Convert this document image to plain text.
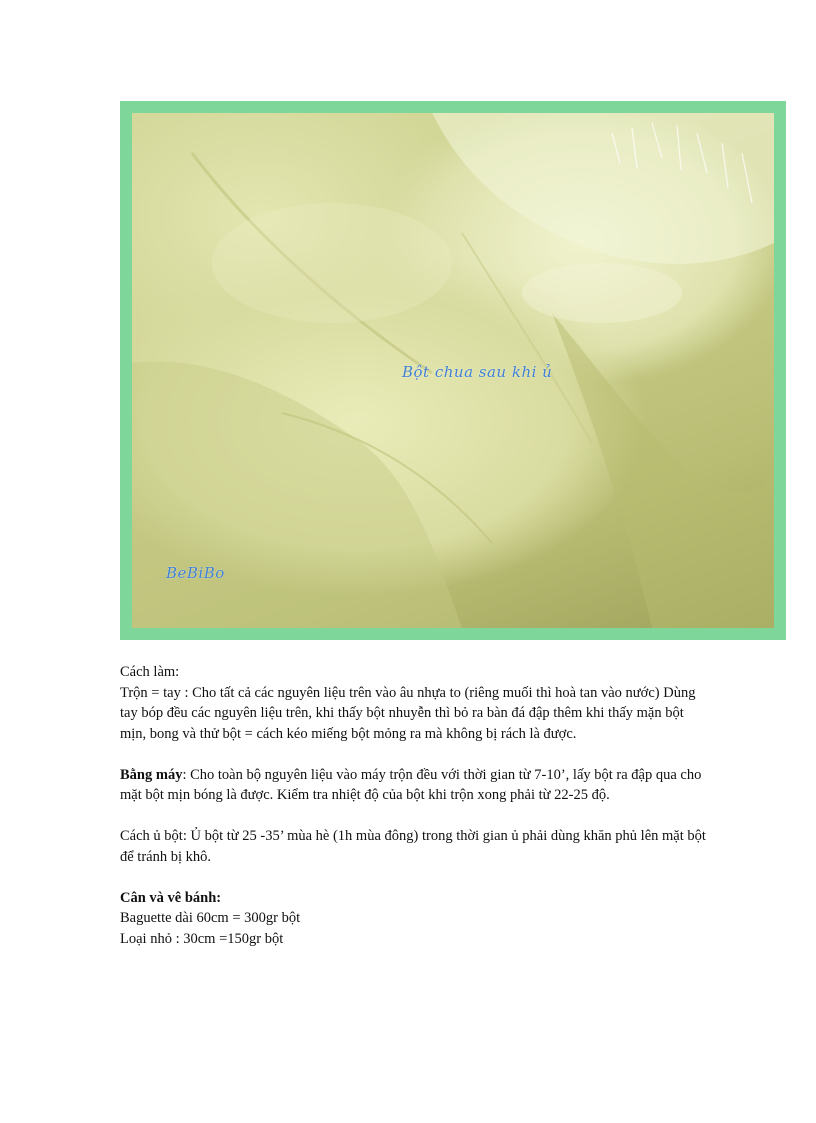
Bột chua sau khi ủ
BeBiBo

Cách làm:

Trộn = tay : Cho tất cả các nguyên liệu trên vào âu nhựa to (riêng muối thì hoà tan vào nước) Dùng tay bóp đều các nguyên liệu trên, khi thấy bột nhuyễn thì bỏ ra bàn đá đập thêm khi thấy mặn bột mịn, bong và thử bột = cách kéo miếng bột mỏng ra mà không bị rách là được.

Bằng máy: Cho toàn bộ nguyên liệu vào máy trộn đều với thời gian từ 7-10’, lấy bột ra đập qua cho mặt bột mịn bóng là được. Kiểm tra nhiệt độ của bột khi trộn xong phải từ 22-25 độ.

Cách ủ bột: Ủ bột từ 25 -35’ mùa hè (1h mùa đông) trong thời gian ủ phải dùng khăn phủ lên mặt bột để tránh bị khô.

Cân và vê bánh:

Baguette dài 60cm = 300gr bột

Loại nhỏ : 30cm =150gr bột
